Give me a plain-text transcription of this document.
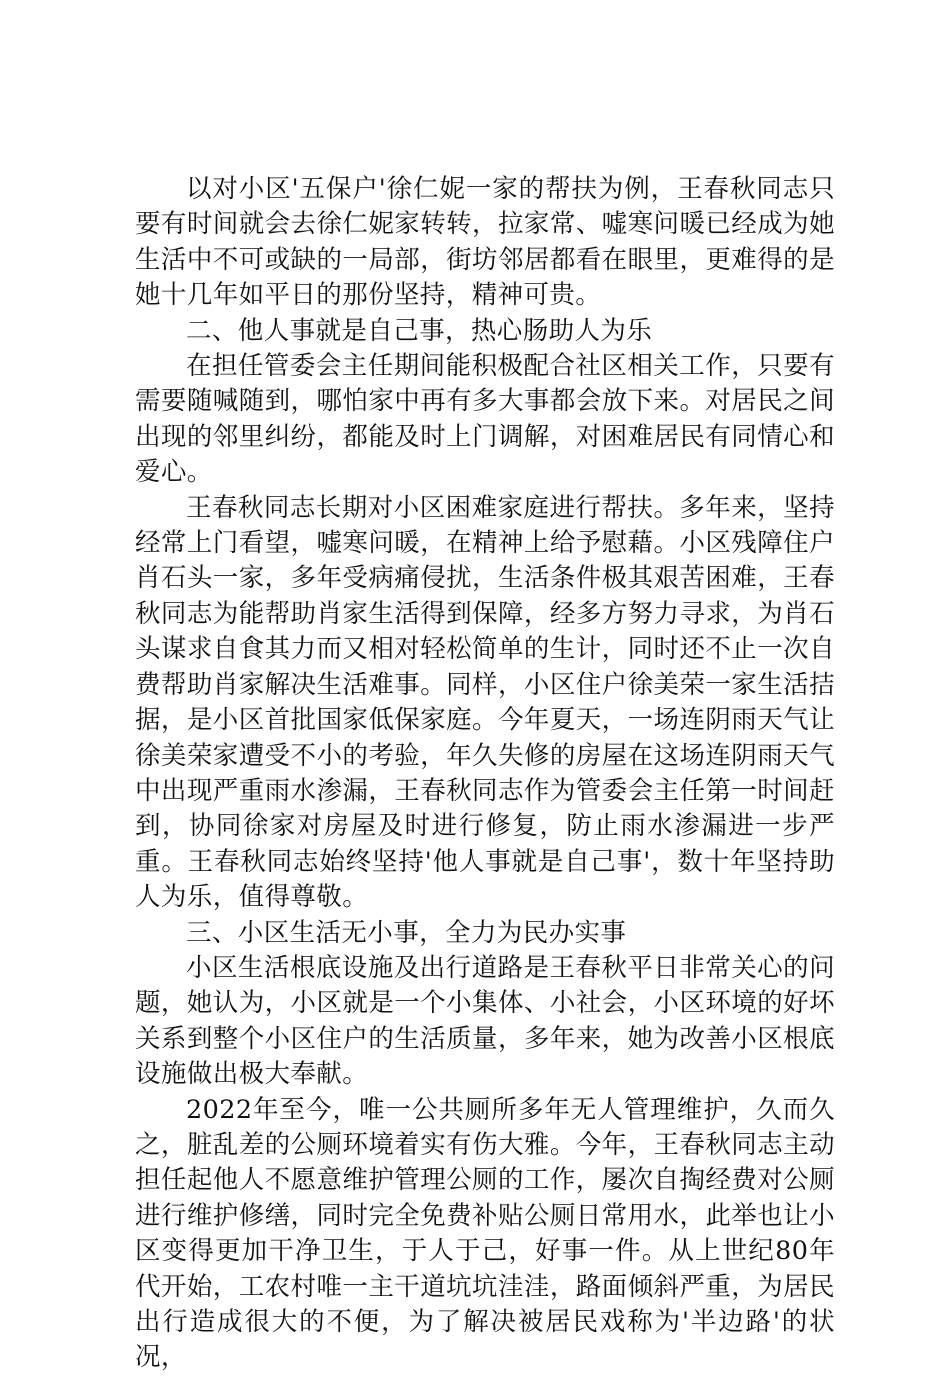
以对小区'五保户'徐仁妮一家的帮扶为例，王春秋同志只要有时间就会去徐仁妮家转转，拉家常、嘘寒问暖已经成为她生活中不可或缺的一局部，街坊邻居都看在眼里，更难得的是她十几年如平日的那份坚持，精神可贵。

二、他人事就是自己事，热心肠助人为乐

在担任管委会主任期间能积极配合社区相关工作，只要有需要随喊随到，哪怕家中再有多大事都会放下来。对居民之间出现的邻里纠纷，都能及时上门调解，对困难居民有同情心和爱心。

王春秋同志长期对小区困难家庭进行帮扶。多年来，坚持经常上门看望，嘘寒问暖，在精神上给予慰藉。小区残障住户肖石头一家，多年受病痛侵扰，生活条件极其艰苦困难，王春秋同志为能帮助肖家生活得到保障，经多方努力寻求，为肖石头谋求自食其力而又相对轻松简单的生计，同时还不止一次自费帮助肖家解决生活难事。同样，小区住户徐美荣一家生活拮据，是小区首批国家低保家庭。今年夏天，一场连阴雨天气让徐美荣家遭受不小的考验，年久失修的房屋在这场连阴雨天气中出现严重雨水渗漏，王春秋同志作为管委会主任第一时间赶到，协同徐家对房屋及时进行修复，防止雨水渗漏进一步严重。王春秋同志始终坚持'他人事就是自己事'，数十年坚持助人为乐，值得尊敬。

三、小区生活无小事，全力为民办实事

小区生活根底设施及出行道路是王春秋平日非常关心的问题，她认为，小区就是一个小集体、小社会，小区环境的好坏关系到整个小区住户的生活质量，多年来，她为改善小区根底设施做出极大奉献。

2022年至今，唯一公共厕所多年无人管理维护，久而久之，脏乱差的公厕环境着实有伤大雅。今年，王春秋同志主动担任起他人不愿意维护管理公厕的工作，屡次自掏经费对公厕进行维护修缮，同时完全免费补贴公厕日常用水，此举也让小区变得更加干净卫生，于人于己，好事一件。从上世纪80年代开始，工农村唯一主干道坑坑洼洼，路面倾斜严重，为居民出行造成很大的不便，为了解决被居民戏称为'半边路'的状况，
